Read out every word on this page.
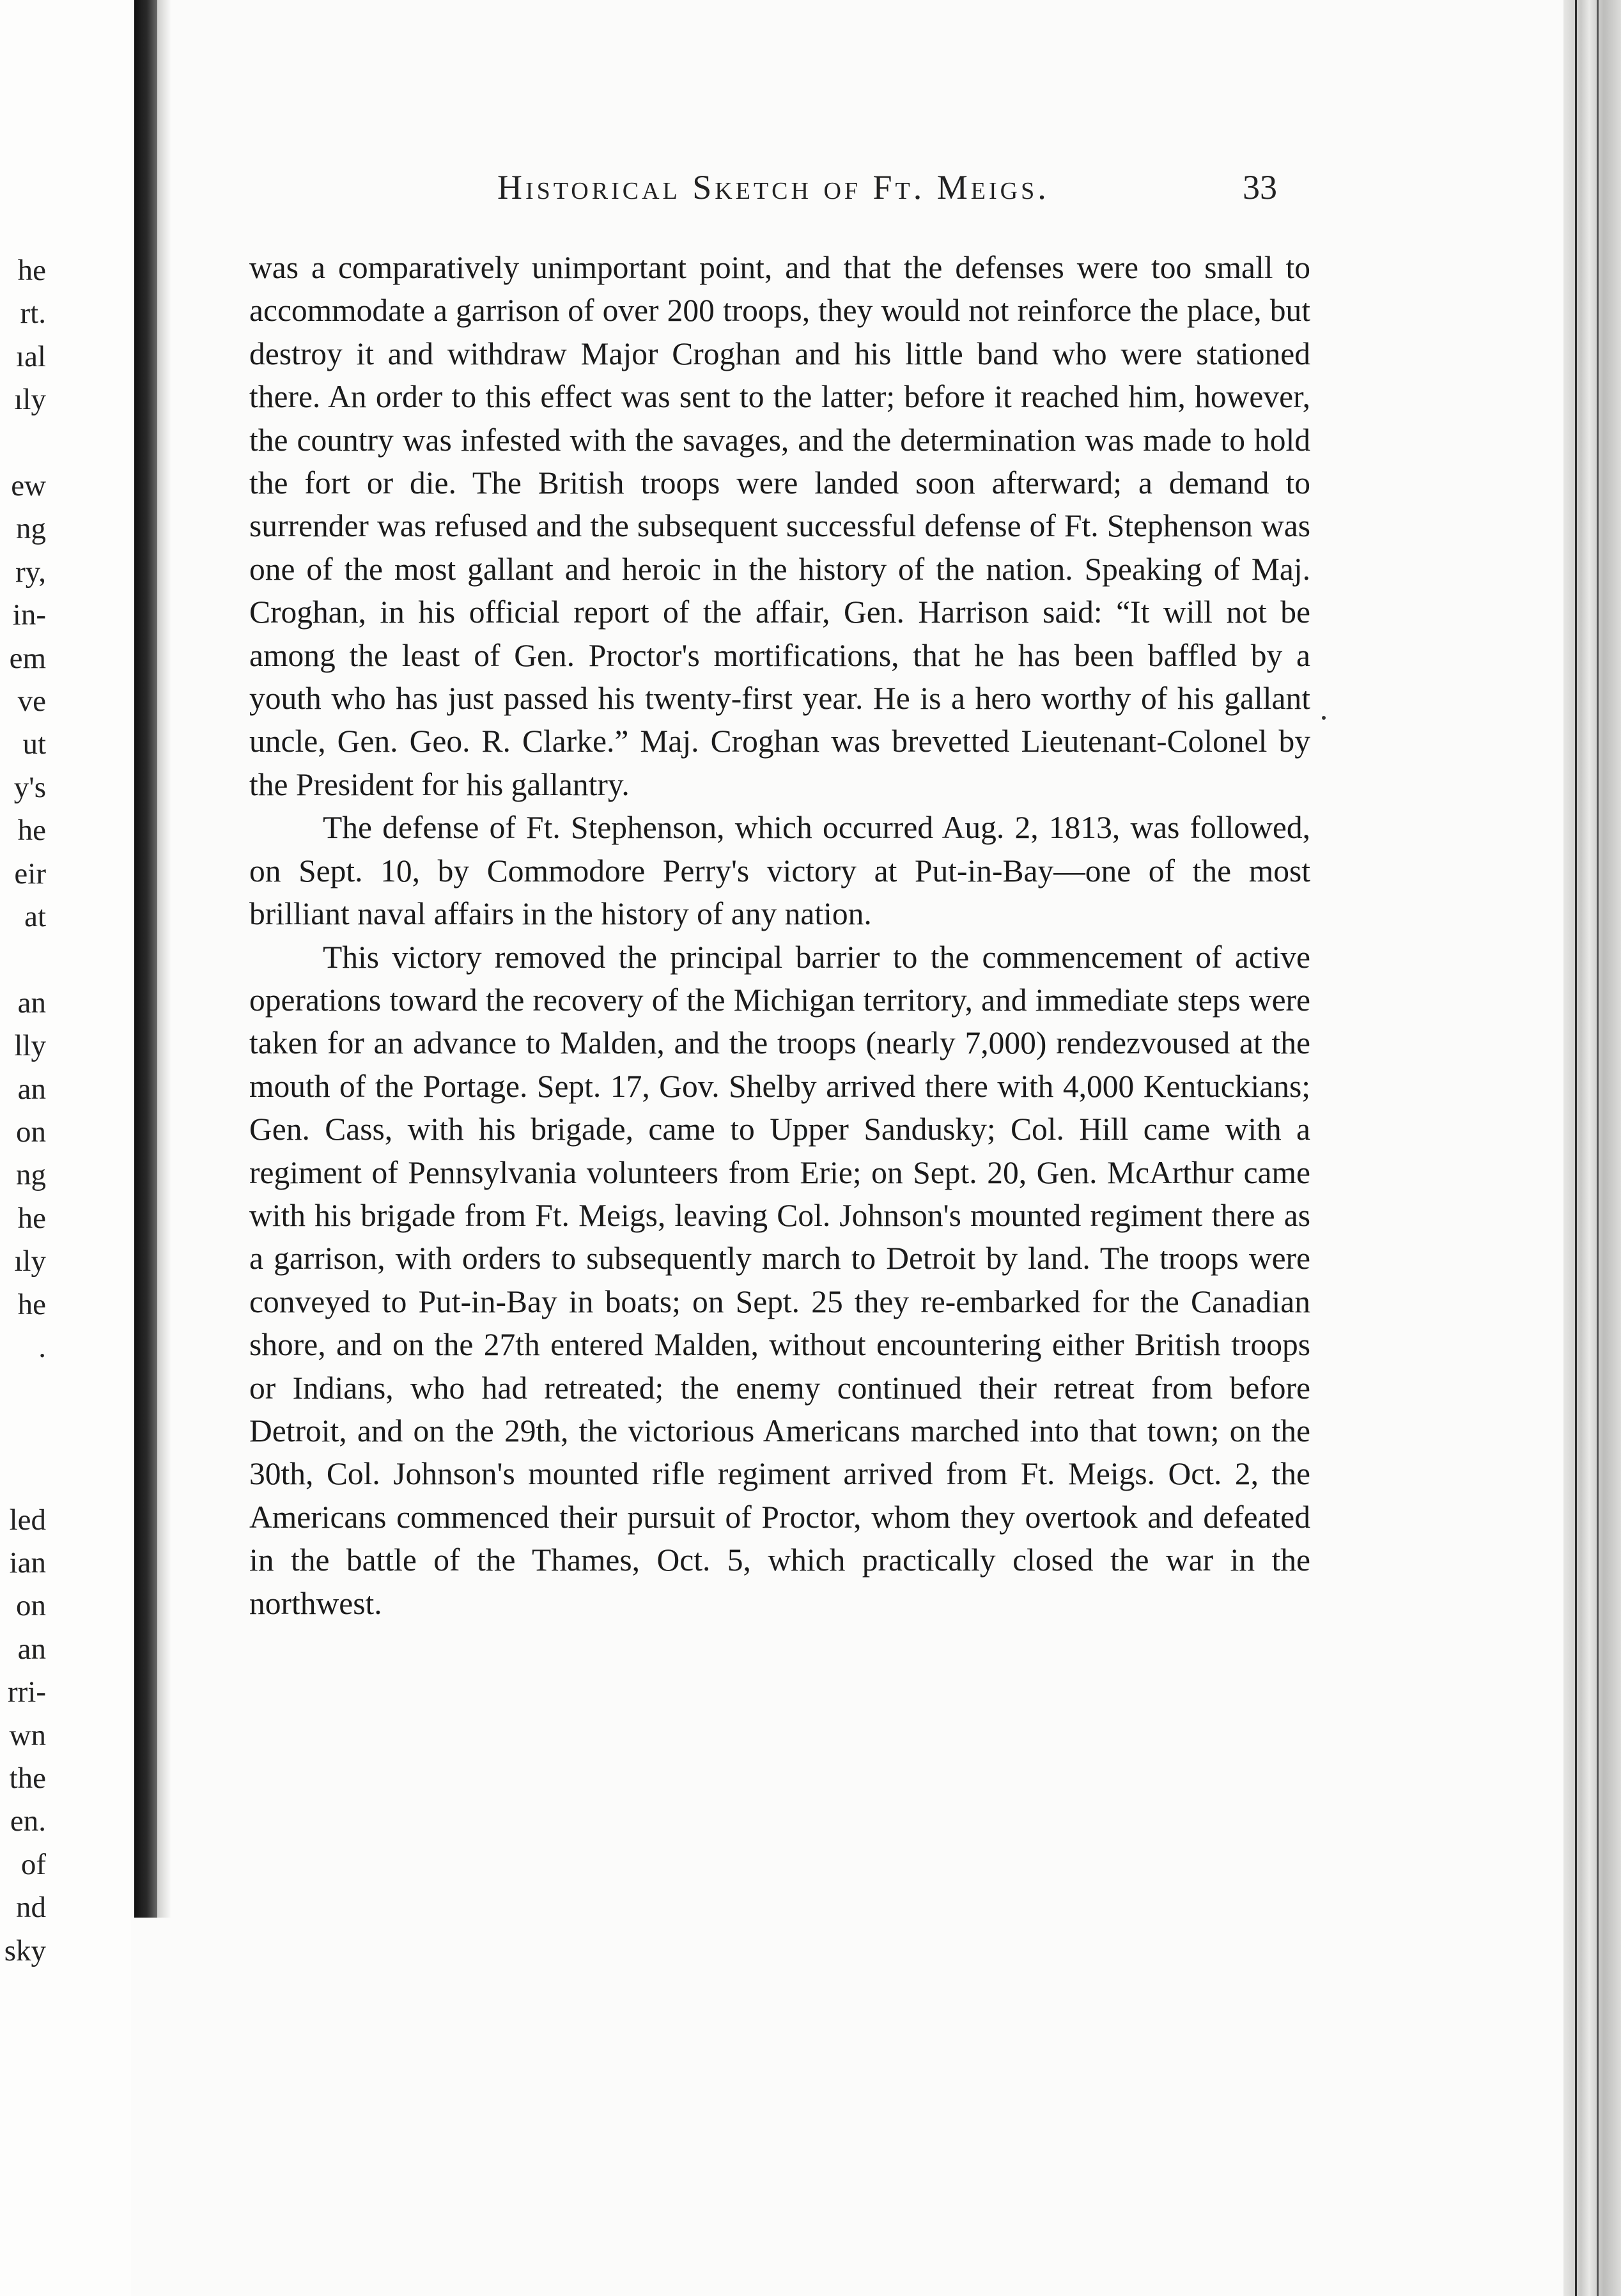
he
rt.
ıal
ıly
ew
ng
ry,
in-
em
ve
ut
y's
he
eir
at
an
lly
an
on
ng
he
ıly
he
.
led
ian
on
an
rri-
wn
the
en.
of
nd
sky
Historical Sketch of Ft. Meigs.	33

was a comparatively unimportant point, and that the defenses were too small to accommodate a garrison of over 200 troops, they would not reinforce the place, but destroy it and withdraw Major Croghan and his little band who were stationed there. An order to this effect was sent to the latter; before it reached him, however, the country was infested with the savages, and the determination was made to hold the fort or die. The British troops were landed soon afterward; a demand to surrender was refused and the subsequent successful defense of Ft. Stephenson was one of the most gallant and heroic in the history of the nation. Speaking of Maj. Croghan, in his official report of the affair, Gen. Harrison said: “It will not be among the least of Gen. Proctor's mortifications, that he has been baffled by a youth who has just passed his twenty-first year. He is a hero worthy of his gallant uncle, Gen. Geo. R. Clarke.” Maj. Croghan was brevetted Lieutenant-Colonel by the President for his gallantry.

The defense of Ft. Stephenson, which occurred Aug. 2, 1813, was followed, on Sept. 10, by Commodore Perry's victory at Put-in-Bay—one of the most brilliant naval affairs in the history of any nation.

This victory removed the principal barrier to the commencement of active operations toward the recovery of the Michigan territory, and immediate steps were taken for an advance to Malden, and the troops (nearly 7,000) rendezvoused at the mouth of the Portage. Sept. 17, Gov. Shelby arrived there with 4,000 Kentuckians; Gen. Cass, with his brigade, came to Upper Sandusky; Col. Hill came with a regiment of Pennsylvania volunteers from Erie; on Sept. 20, Gen. McArthur came with his brigade from Ft. Meigs, leaving Col. Johnson's mounted regiment there as a garrison, with orders to subsequently march to Detroit by land. The troops were conveyed to Put-in-Bay in boats; on Sept. 25 they re-embarked for the Canadian shore, and on the 27th entered Malden, without encountering either British troops or Indians, who had retreated; the enemy continued their retreat from before Detroit, and on the 29th, the victorious Americans marched into that town; on the 30th, Col. Johnson's mounted rifle regiment arrived from Ft. Meigs. Oct. 2, the Americans commenced their pursuit of Proctor, whom they overtook and defeated in the battle of the Thames, Oct. 5, which practically closed the war in the northwest.
